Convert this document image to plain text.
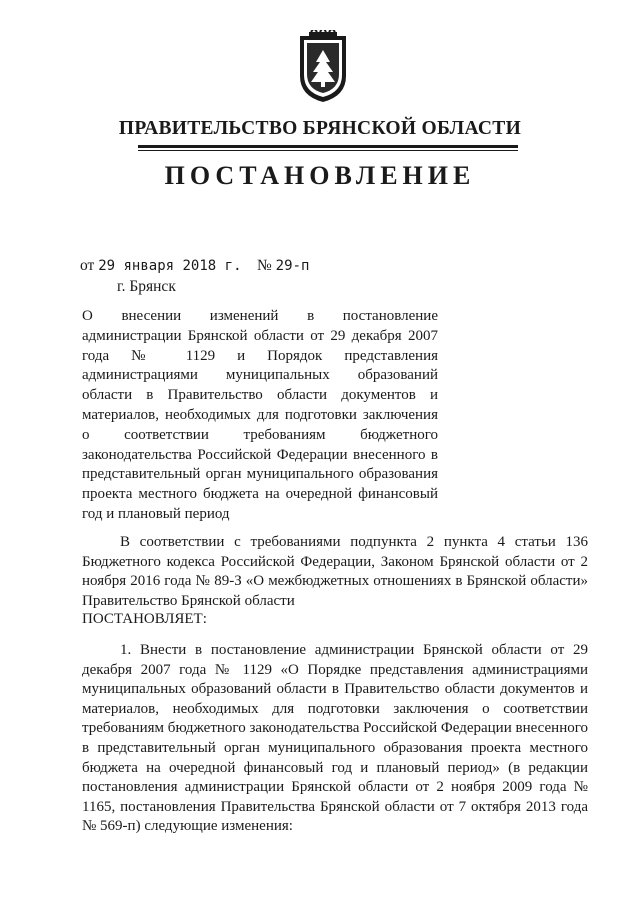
ПРАВИТЕЛЬСТВО БРЯНСКОЙ ОБЛАСТИ
ПОСТАНОВЛЕНИЕ
от 29 января 2018 г. № 29-п
г. Брянск
О внесении изменений в постановление администрации Брянской области от 29 декабря 2007 года № 1129 и Порядок представления администрациями муниципальных образований области в Правительство области документов и материалов, необходимых для подготовки заключения о соответствии требованиям бюджетного законодательства Российской Федерации внесенного в представительный орган муниципального образования проекта местного бюджета на очередной финансовый год и плановый период
В соответствии с требованиями подпункта 2 пункта 4 статьи 136 Бюджетного кодекса Российской Федерации, Законом Брянской области от 2 ноября 2016 года № 89-З «О межбюджетных отношениях в Брянской области» Правительство Брянской области
ПОСТАНОВЛЯЕТ:
1. Внести в постановление администрации Брянской области от 29 декабря 2007 года № 1129 «О Порядке представления администрациями муниципальных образований области в Правительство области документов и материалов, необходимых для подготовки заключения о соответствии требованиям бюджетного законодательства Российской Федерации внесенного в представительный орган муниципального образования проекта местного бюджета на очередной финансовый год и плановый период» (в редакции постановления администрации Брянской области от 2 ноября 2009 года № 1165, постановления Правительства Брянской области от 7 октября 2013 года № 569-п) следующие изменения:
